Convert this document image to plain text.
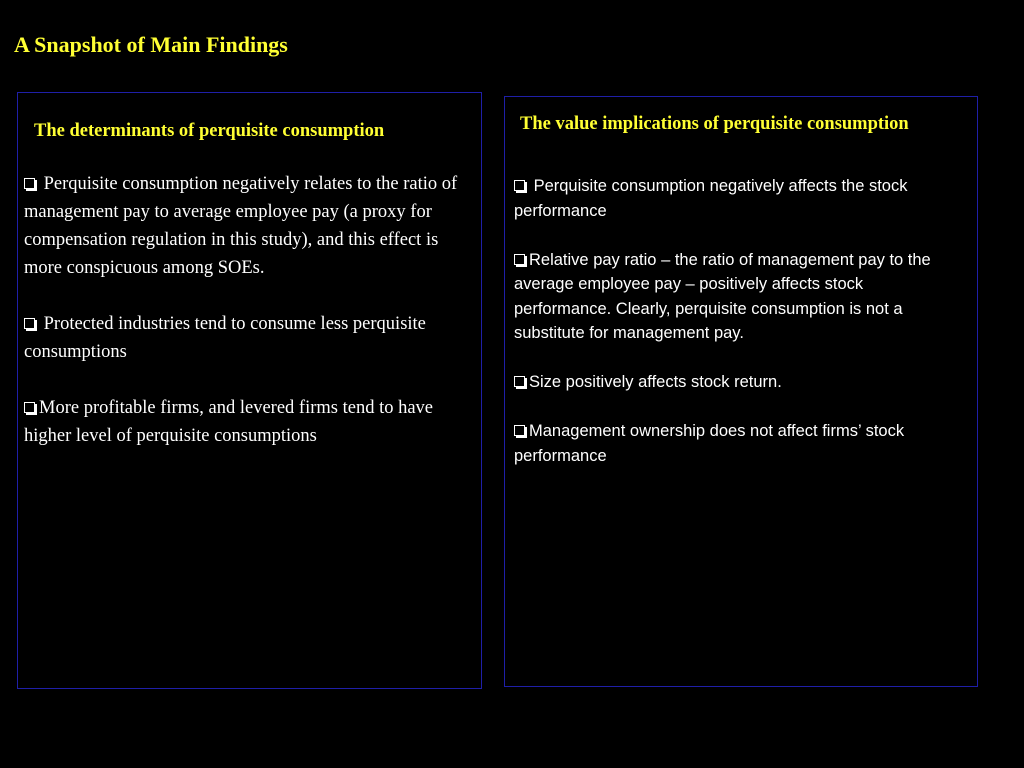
A Snapshot of Main Findings
The determinants of perquisite consumption
Perquisite consumption negatively relates to the ratio of management pay to average employee pay (a proxy for compensation regulation in this study), and this effect is more conspicuous among SOEs.
Protected industries tend to consume less perquisite consumptions
More profitable firms, and levered firms tend to have higher level of perquisite consumptions
The value implications of perquisite consumption
Perquisite consumption negatively affects the stock performance
Relative pay ratio – the ratio of management pay to the average employee pay – positively affects stock performance. Clearly, perquisite consumption is not a substitute for management pay.
Size positively affects stock return.
Management ownership does not affect firms’ stock performance
